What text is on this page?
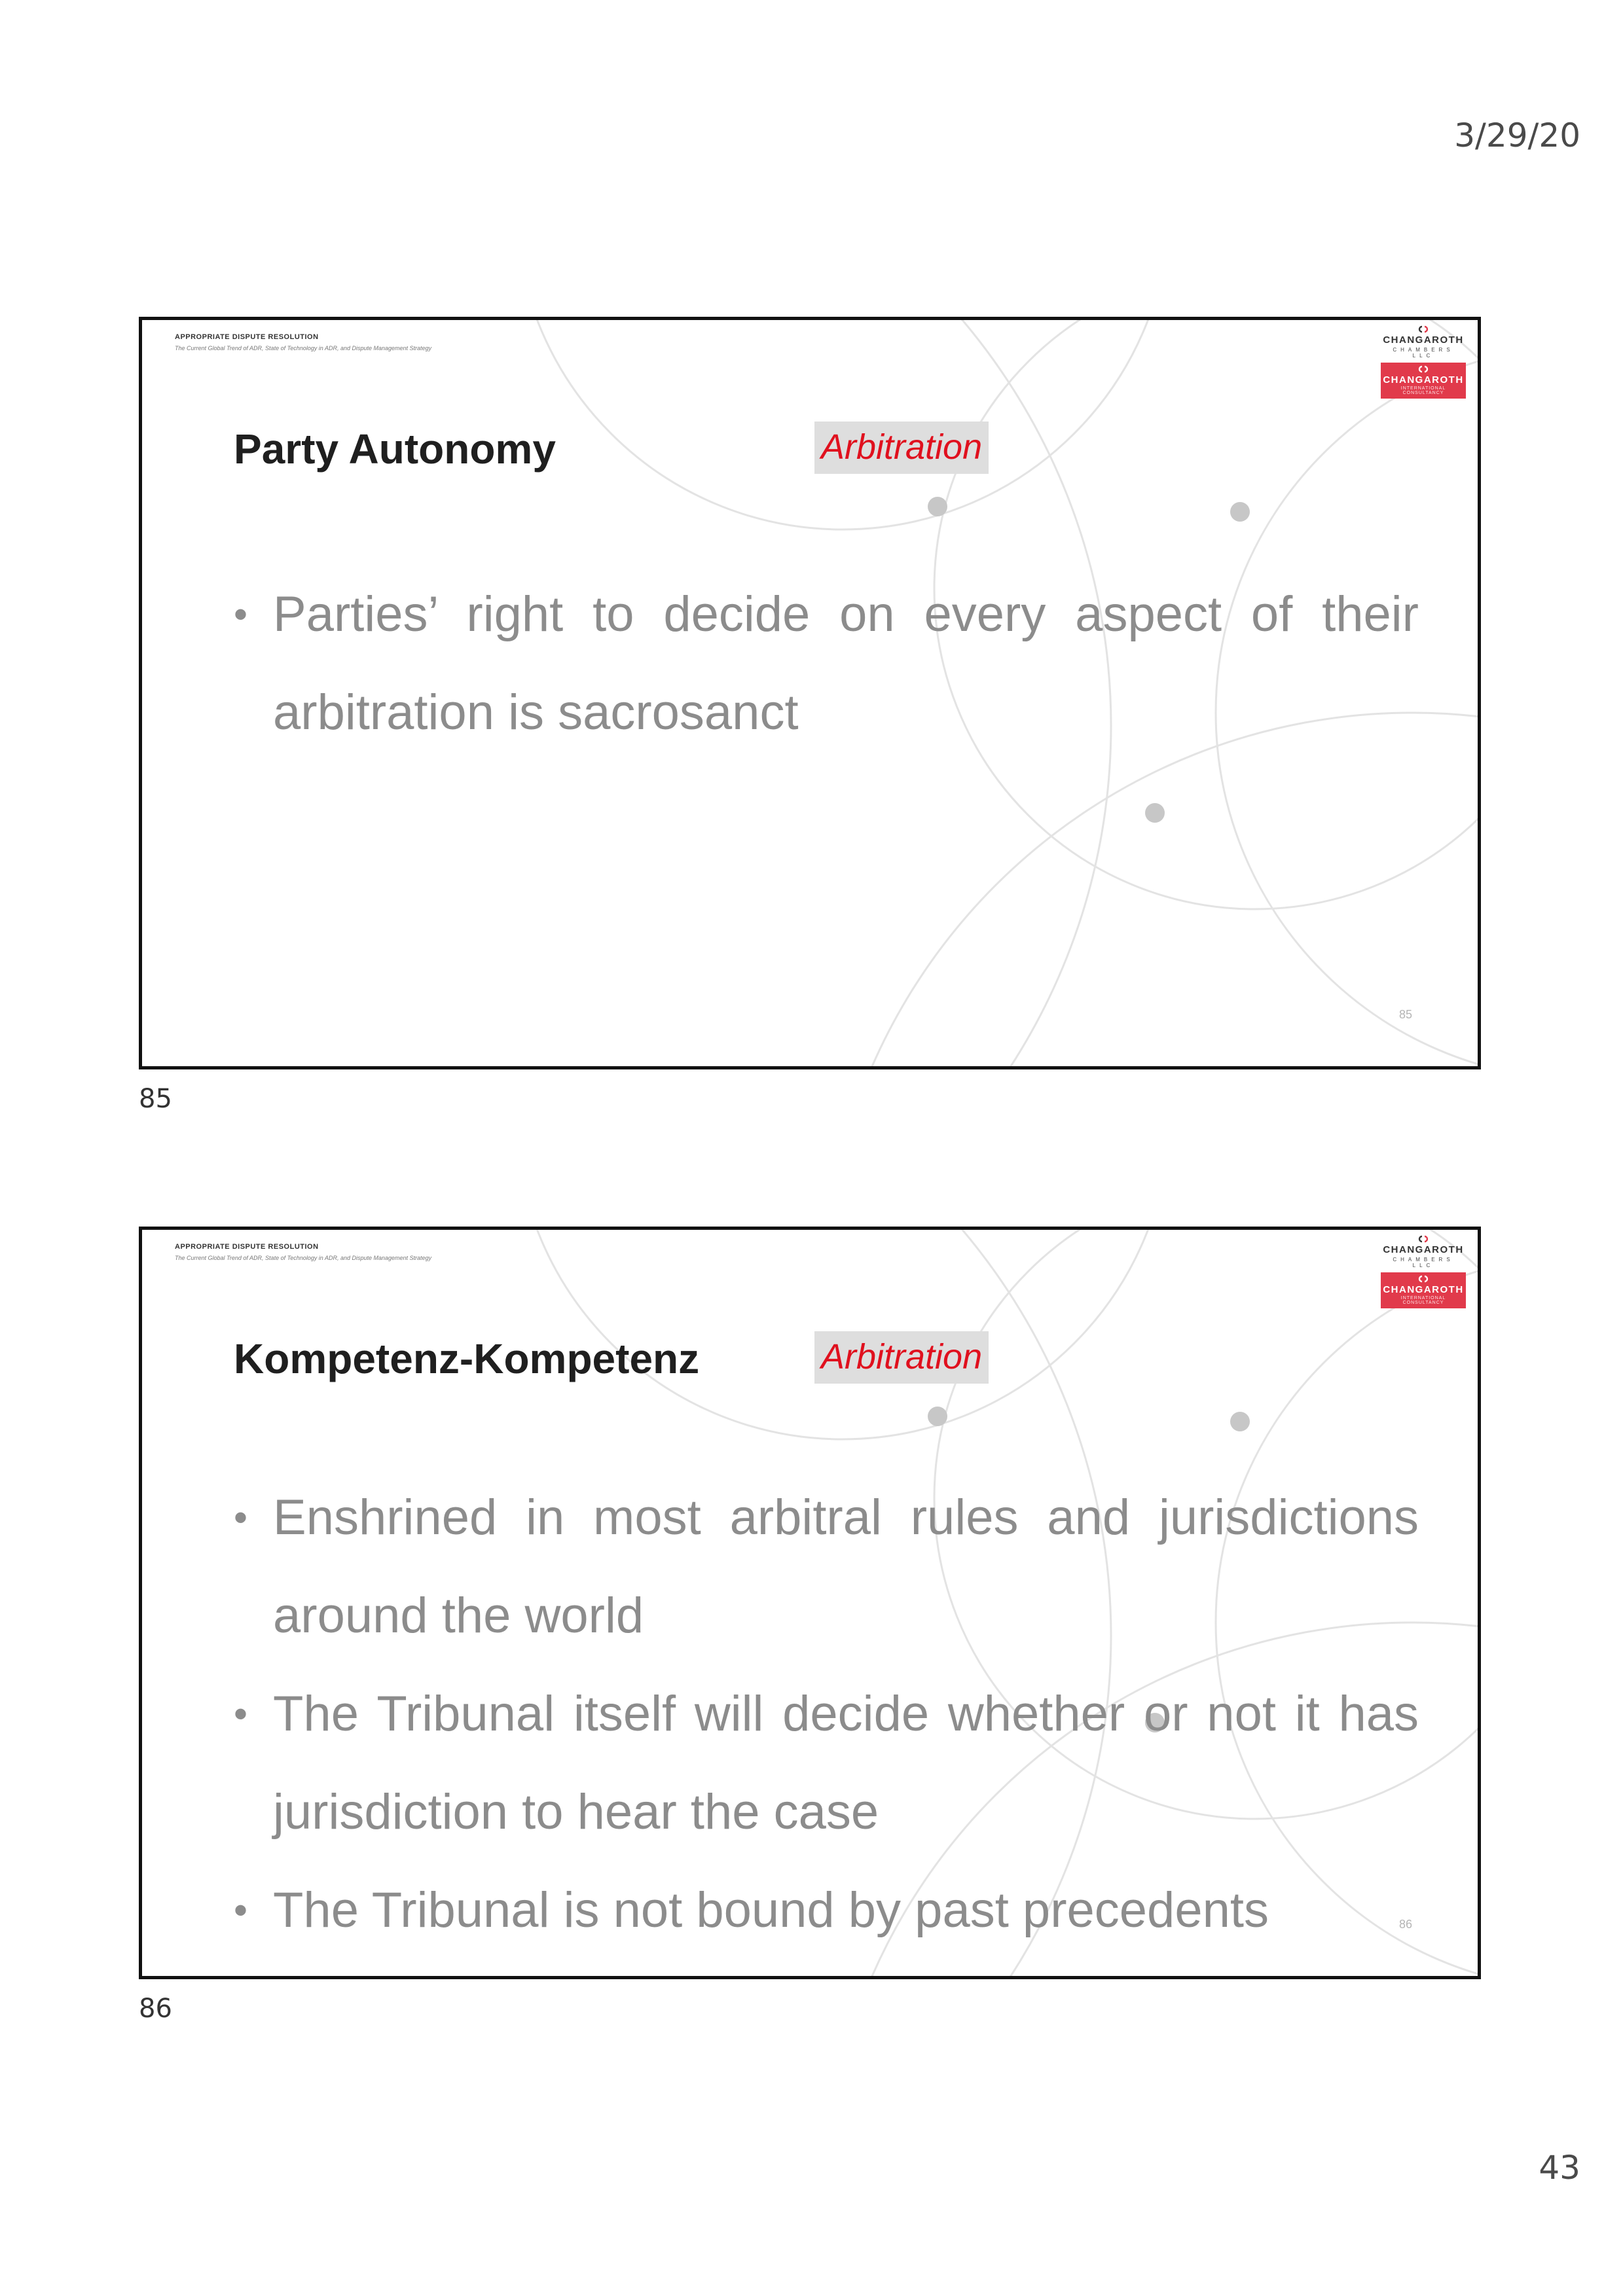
3/29/20
APPROPRIATE DISPUTE RESOLUTION
The Current Global Trend of ADR, State of Technology in ADR, and Dispute Management Strategy
CHANGAROTH
CHAMBERS LLC
CHANGAROTH
INTERNATIONAL CONSULTANCY
Party Autonomy	Arbitration
• Parties’ right to decide on every aspect of their arbitration is sacrosanct
85
85
APPROPRIATE DISPUTE RESOLUTION
The Current Global Trend of ADR, State of Technology in ADR, and Dispute Management Strategy
CHANGAROTH
CHAMBERS LLC
CHANGAROTH
INTERNATIONAL CONSULTANCY
Kompetenz-Kompetenz	Arbitration
• Enshrined in most arbitral rules and jurisdictions around the world
• The Tribunal itself will decide whether or not it has jurisdiction to hear the case
• The Tribunal is not bound by past precedents	86
86
43
